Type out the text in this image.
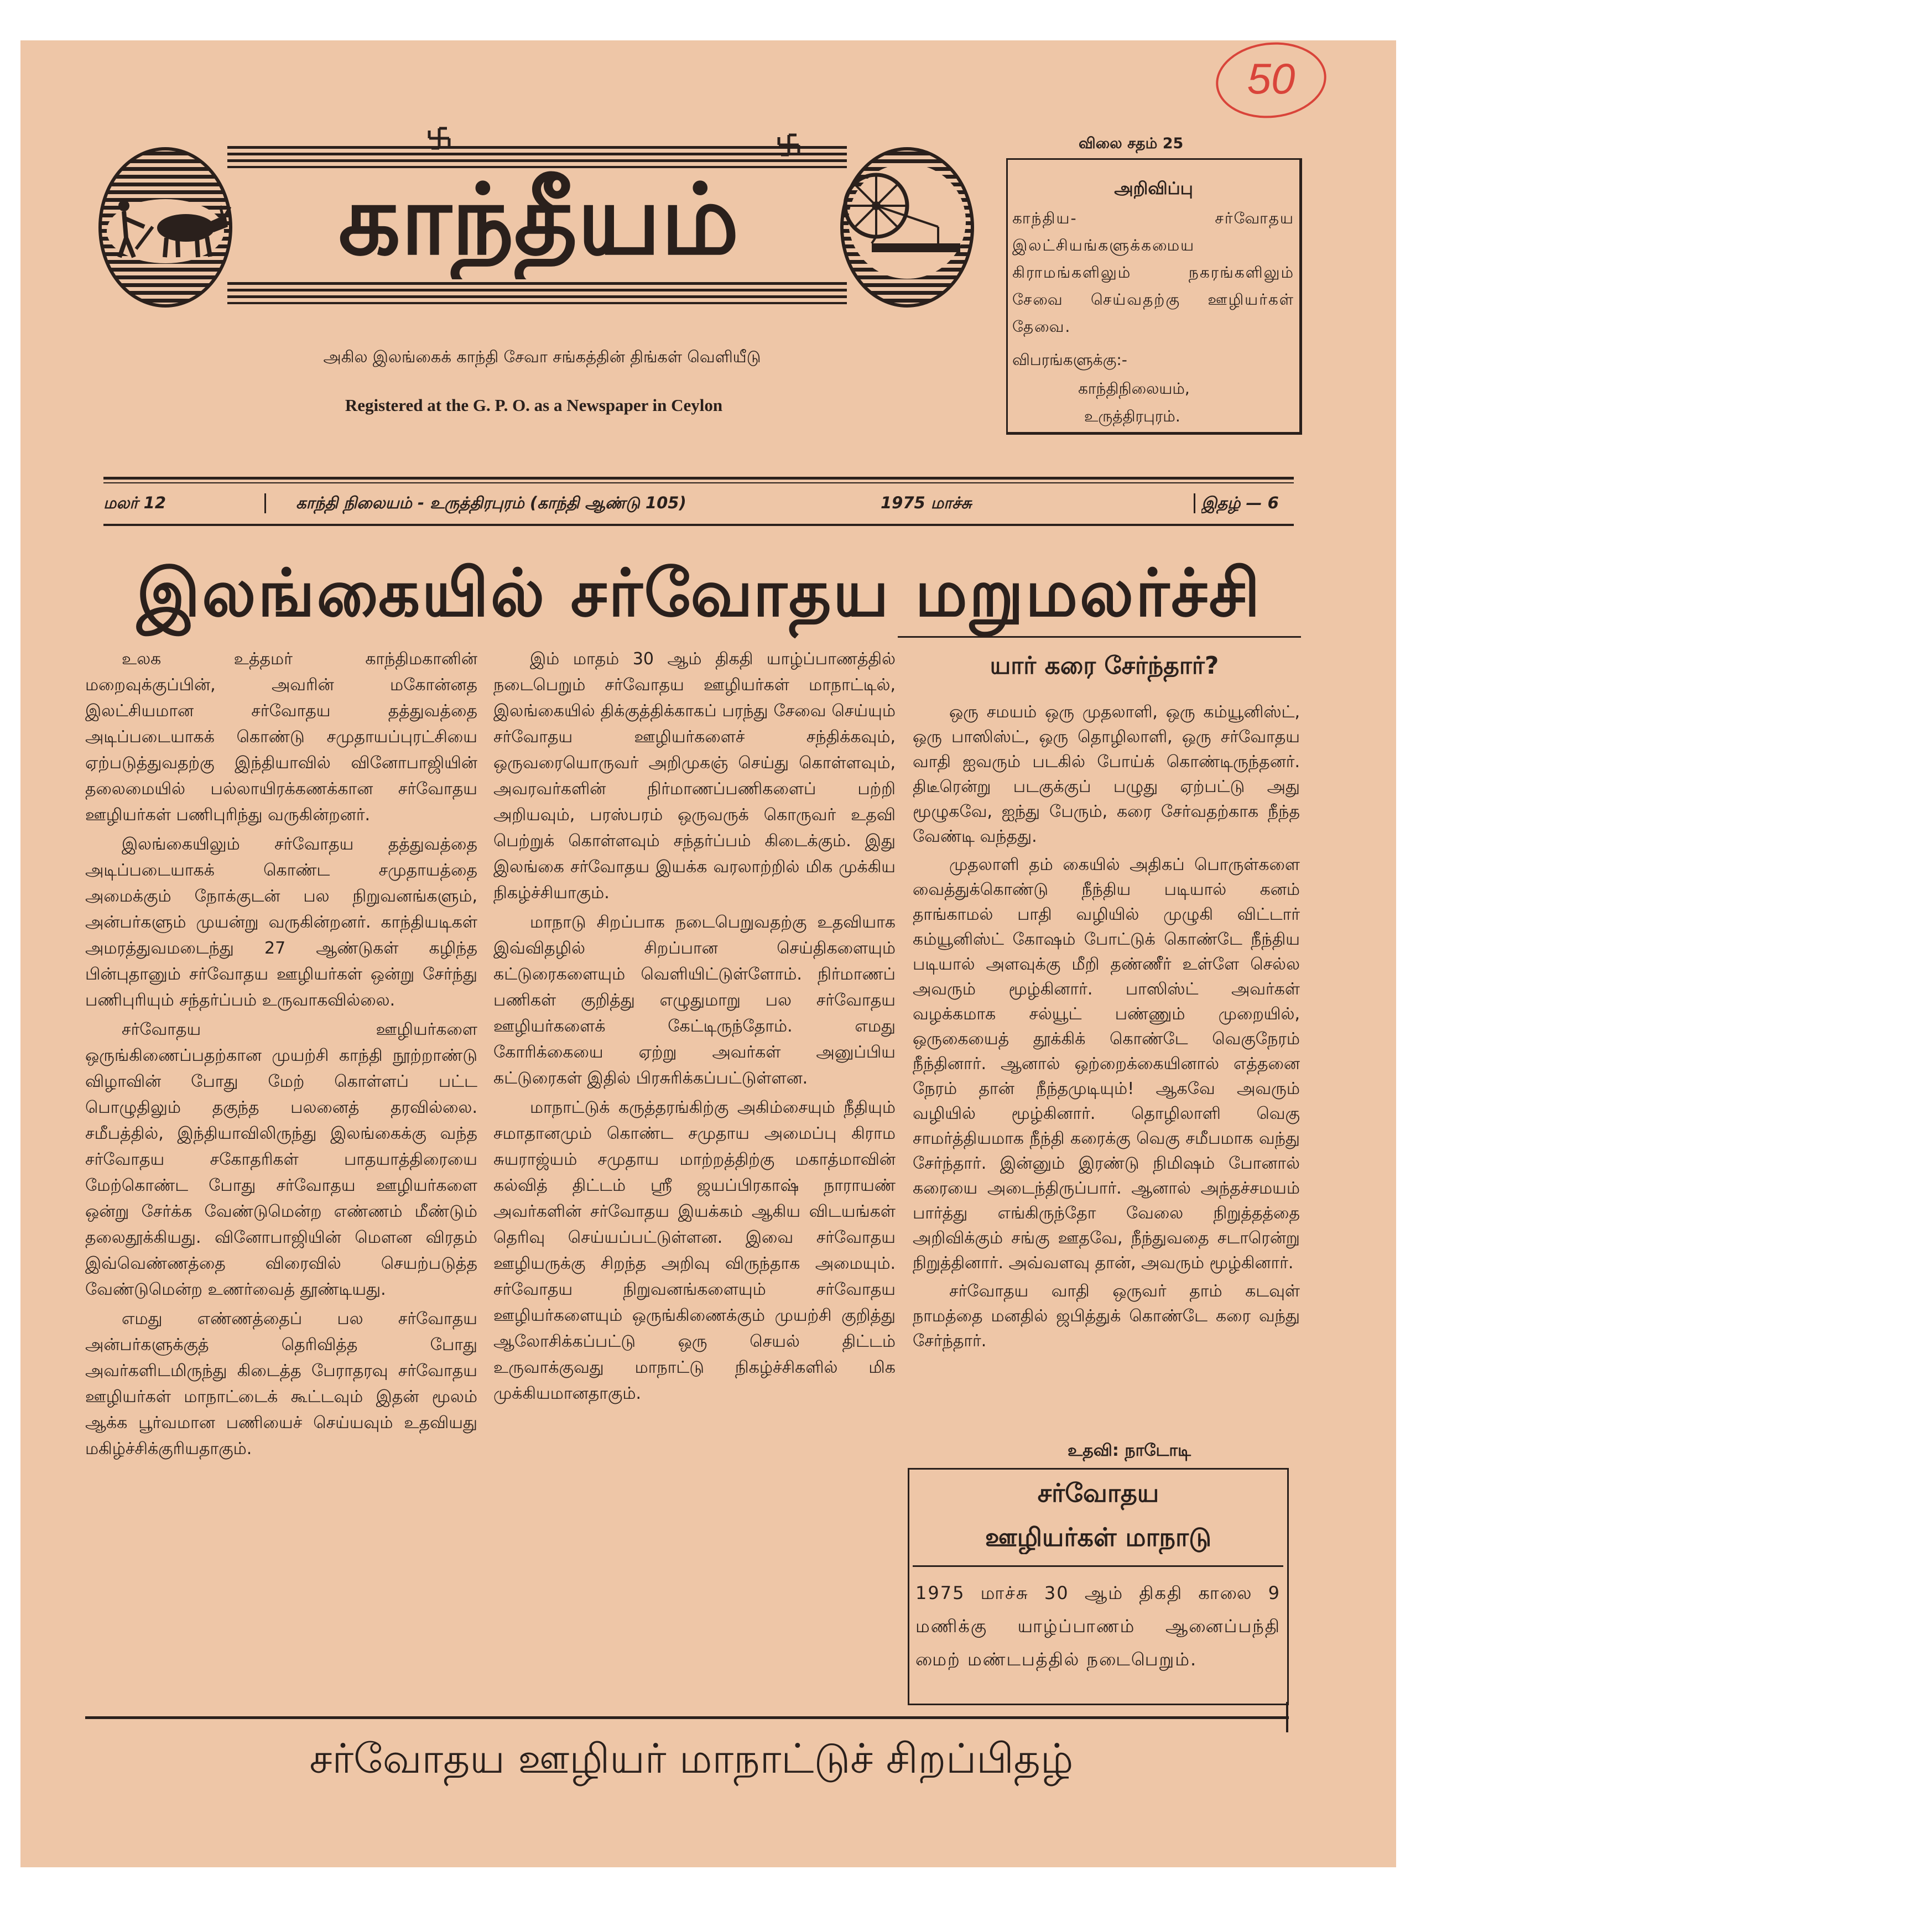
50
காந்தீயம்
அகில இலங்கைக் காந்தி சேவா சங்கத்தின் திங்கள் வெளியீடு
Registered at the G. P. O. as a Newspaper in Ceylon
விலை சதம் 25
அறிவிப்பு
காந்திய- சர்வோதய இலட்சியங்களுக்கமைய கிராமங்களிலும் நகரங்களிலும் சேவை செய்வதற்கு ஊழியர்கள் தேவை.
விபரங்களுக்கு:-
காந்திநிலையம்,
உருத்திரபுரம்.
மலர் 12	காந்தி நிலையம் - உருத்திரபுரம் (காந்தி ஆண்டு 105)	1975 மாச்சு	இதழ் — 6
இலங்கையில் சர்வோதய மறுமலர்ச்சி

உலக உத்தமர் காந்திமகானின் மறைவுக்குப்பின், அவரின் மகோன்னத இலட்சியமான சர்வோதய தத்துவத்தை அடிப்படையாகக் கொண்டு சமுதாயப்புரட்சியை ஏற்படுத்துவதற்கு இந்தியாவில் வினோபாஜியின் தலைமையில் பல்லாயிரக்கணக்கான சர்வோதய ஊழியர்கள் பணிபுரிந்து வருகின்றனர்.

இலங்கையிலும் சர்வோதய தத்துவத்தை அடிப்படையாகக் கொண்ட சமுதாயத்தை அமைக்கும் நோக்குடன் பல நிறுவனங்களும், அன்பர்களும் முயன்று வருகின்றனர். காந்தியடிகள் அமரத்துவமடைந்து 27 ஆண்டுகள் கழிந்த பின்புதானும் சர்வோதய ஊழியர்கள் ஒன்று சேர்ந்து பணிபுரியும் சந்தர்ப்பம் உருவாகவில்லை.

சர்வோதய ஊழியர்களை ஒருங்கிணைப்பதற்கான முயற்சி காந்தி நூற்றாண்டு விழாவின் போது மேற் கொள்ளப் பட்ட பொழுதிலும் தகுந்த பலனைத் தரவில்லை. சமீபத்தில், இந்தியாவிலிருந்து இலங்கைக்கு வந்த சர்வோதய சகோதரிகள் பாதயாத்திரையை மேற்கொண்ட போது சர்வோதய ஊழியர்களை ஒன்று சேர்க்க வேண்டுமென்ற எண்ணம் மீண்டும் தலைதூக்கியது. வினோபாஜியின் மௌன விரதம் இவ்வெண்ணத்தை விரைவில் செயற்படுத்த வேண்டுமென்ற உணர்வைத் தூண்டியது.

எமது எண்ணத்தைப் பல சர்வோதய அன்பர்களுக்குத் தெரிவித்த போது அவர்களிடமிருந்து கிடைத்த பேராதரவு சர்வோதய ஊழியர்கள் மாநாட்டைக் கூட்டவும் இதன் மூலம் ஆக்க பூர்வமான பணியைச் செய்யவும் உதவியது மகிழ்ச்சிக்குரியதாகும்.

இம் மாதம் 30 ஆம் திகதி யாழ்ப்பாணத்தில் நடைபெறும் சர்வோதய ஊழியர்கள் மாநாட்டில், இலங்கையில் திக்குத்திக்காகப் பரந்து சேவை செய்யும் சர்வோதய ஊழியர்களைச் சந்திக்கவும், ஒருவரையொருவர் அறிமுகஞ் செய்து கொள்ளவும், அவரவர்களின் நிர்மாணப்பணிகளைப் பற்றி அறியவும், பரஸ்பரம் ஒருவருக் கொருவர் உதவி பெற்றுக் கொள்ளவும் சந்தர்ப்பம் கிடைக்கும். இது இலங்கை சர்வோதய இயக்க வரலாற்றில் மிக முக்கிய நிகழ்ச்சியாகும்.

மாநாடு சிறப்பாக நடைபெறுவதற்கு உதவியாக இவ்விதழில் சிறப்பான செய்திகளையும் கட்டுரைகளையும் வெளியிட்டுள்ளோம். நிர்மாணப் பணிகள் குறித்து எழுதுமாறு பல சர்வோதய ஊழியர்களைக் கேட்டிருந்தோம். எமது கோரிக்கையை ஏற்று அவர்கள் அனுப்பிய கட்டுரைகள் இதில் பிரசுரிக்கப்பட்டுள்ளன.

மாநாட்டுக் கருத்தரங்கிற்கு அகிம்சையும் நீதியும் சமாதானமும் கொண்ட சமுதாய அமைப்பு கிராம சுயராஜ்யம் சமுதாய மாற்றத்திற்கு மகாத்மாவின் கல்வித் திட்டம் ஸ்ரீ ஜயப்பிரகாஷ் நாராயண் அவர்களின் சர்வோதய இயக்கம் ஆகிய விடயங்கள் தெரிவு செய்யப்பட்டுள்ளன. இவை சர்வோதய ஊழியருக்கு சிறந்த அறிவு விருந்தாக அமையும். சர்வோதய நிறுவனங்களையும் சர்வோதய ஊழியர்களையும் ஒருங்கிணைக்கும் முயற்சி குறித்து ஆலோசிக்கப்பட்டு ஒரு செயல் திட்டம் உருவாக்குவது மாநாட்டு நிகழ்ச்சிகளில் மிக முக்கியமானதாகும்.

யார் கரை சேர்ந்தார்?

ஒரு சமயம் ஒரு முதலாளி, ஒரு கம்யூனிஸ்ட், ஒரு பாஸிஸ்ட், ஒரு தொழிலாளி, ஒரு சர்வோதய வாதி ஐவரும் படகில் போய்க் கொண்டிருந்தனர். திடீரென்று படகுக்குப் பழுது ஏற்பட்டு அது மூழுகவே, ஐந்து பேரும், கரை சேர்வதற்காக நீந்த வேண்டி வந்தது.

முதலாளி தம் கையில் அதிகப் பொருள்களை வைத்துக்கொண்டு நீந்திய படியால் கனம் தாங்காமல் பாதி வழியில் முழுகி விட்டார் கம்யூனிஸ்ட் கோஷம் போட்டுக் கொண்டே நீந்திய படியால் அளவுக்கு மீறி தண்ணீர் உள்ளே செல்ல அவரும் மூழ்கினார். பாஸிஸ்ட் அவர்கள் வழக்கமாக சல்யூட் பண்ணும் முறையில், ஒருகையைத் தூக்கிக் கொண்டே வெகுநேரம் நீந்தினார். ஆனால் ஒற்றைக்கையினால் எத்தனை நேரம் தான் நீந்தமுடியும்! ஆகவே அவரும் வழியில் மூழ்கினார். தொழிலாளி வெகு சாமர்த்தியமாக நீந்தி கரைக்கு வெகு சமீபமாக வந்து சேர்ந்தார். இன்னும் இரண்டு நிமிஷம் போனால் கரையை அடைந்திருப்பார். ஆனால் அந்தச்சமயம் பார்த்து எங்கிருந்தோ வேலை நிறுத்தத்தை அறிவிக்கும் சங்கு ஊதவே, நீந்துவதை சடாரென்று நிறுத்தினார். அவ்வளவு தான், அவரும் மூழ்கினார்.

சர்வோதய வாதி ஒருவர் தாம் கடவுள் நாமத்தை மனதில் ஜபித்துக் கொண்டே கரை வந்து சேர்ந்தார்.

உதவி: நாடோடி
சர்வோதய
ஊழியர்கள் மாநாடு
1975 மாச்சு 30 ஆம் திகதி காலை 9 மணிக்கு யாழ்ப்பாணம் ஆனைப்பந்தி மைற் மண்டபத்தில் நடைபெறும்.
சர்வோதய ஊழியர் மாநாட்டுச் சிறப்பிதழ்
